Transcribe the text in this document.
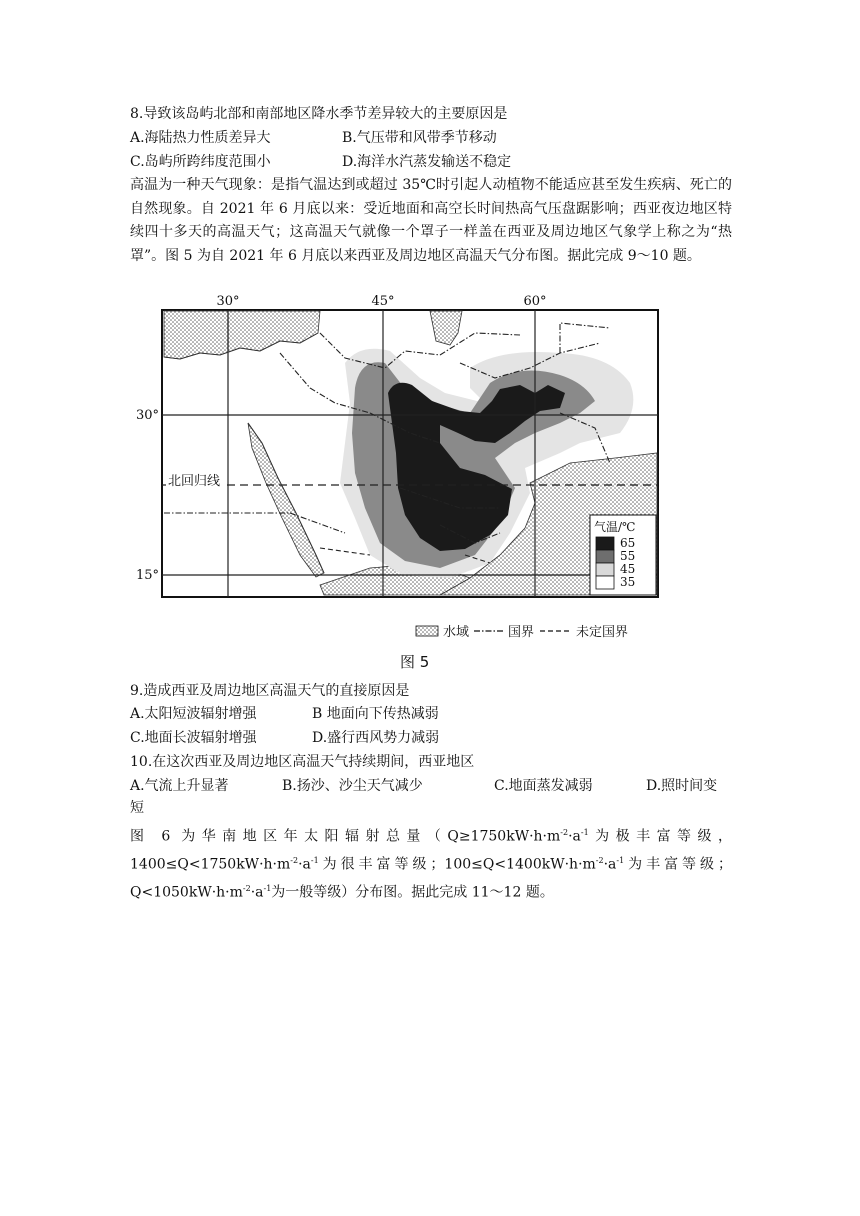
8.导致该岛屿北部和南部地区降水季节差异较大的主要原因是
A.海陆热力性质差异大	B.气压带和风带季节移动
C.岛屿所跨纬度范围小	D.海洋水汽蒸发输送不稳定
高温为一种天气现象：是指气温达到或超过 35℃时引起人动植物不能适应甚至发生疾病、死亡的自然现象。自 2021 年 6 月底以来：受近地面和高空长时间热高气压盘踞影响；西亚夜边地区特续四十多天的高温天气；这高温天气就像一个罩子一样盖在西亚及周边地区气象学上称之为“热罩”。图 5 为自 2021 年 6 月底以来西亚及周边地区高温天气分布图。据此完成 9～10 题。
30°	45°	60°
30°
15°
北回归线
气温/℃
65
55
45
35
水域	国界	未定国界
图 5
9.造成西亚及周边地区高温天气的直接原因是
A.太阳短波辐射增强	B 地面向下传热减弱
C.地面长波辐射增强	D.盛行西风势力减弱
10.在这次西亚及周边地区高温天气持续期间，西亚地区
A.气流上升显著	B.扬沙、沙尘天气减少	C.地面蒸发减弱	D.照时间变
短
图 6 为华南地区年太阳辐射总量（$Q\ge 1750kW\cdot h\cdot m^{-2}\cdot a^{-1}$为极丰富等级，$1400\le Q<1750kW\cdot h\cdot m^{-2}\cdot a^{-1}$为很丰富等级；$100\le Q<1400kW\cdot h\cdot m^{-2}\cdot a^{-1}$为丰富等级；$Q<1050kW\cdot h\cdot m^{-2}\cdot a^{-1}$为一般等级）分布图。据此完成 11～12 题。
